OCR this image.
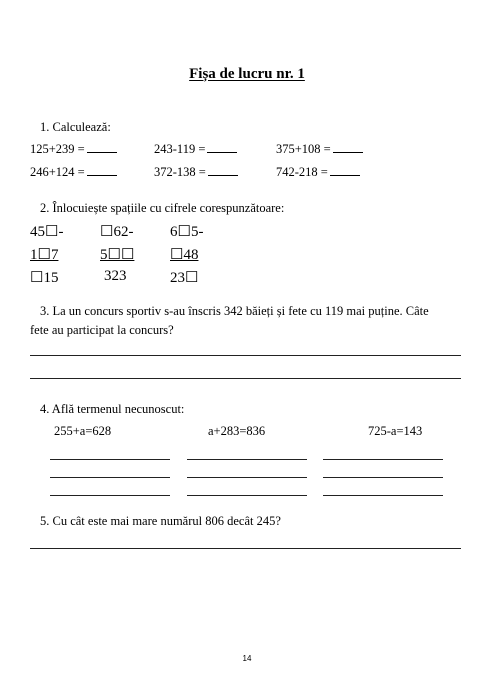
Fișa de lucru nr. 1
1. Calculează:
125+239 =	243-119 =	375+108 =
246+124 =	372-138 =	742-218 =
2. Înlocuiește spațiile cu cifrele corespunzătoare:
45☐-
1☐7
☐15
☐62-
5☐☐
323
6☐5-
☐48
23☐
3. La un concurs sportiv s-au înscris 342 băieți și fete cu 119 mai puține. Câte
fete au participat la concurs?
4. Află termenul necunoscut:
255+a=628	a+283=836	725-a=143
5. Cu cât este mai mare numărul 806 decât 245?
14
